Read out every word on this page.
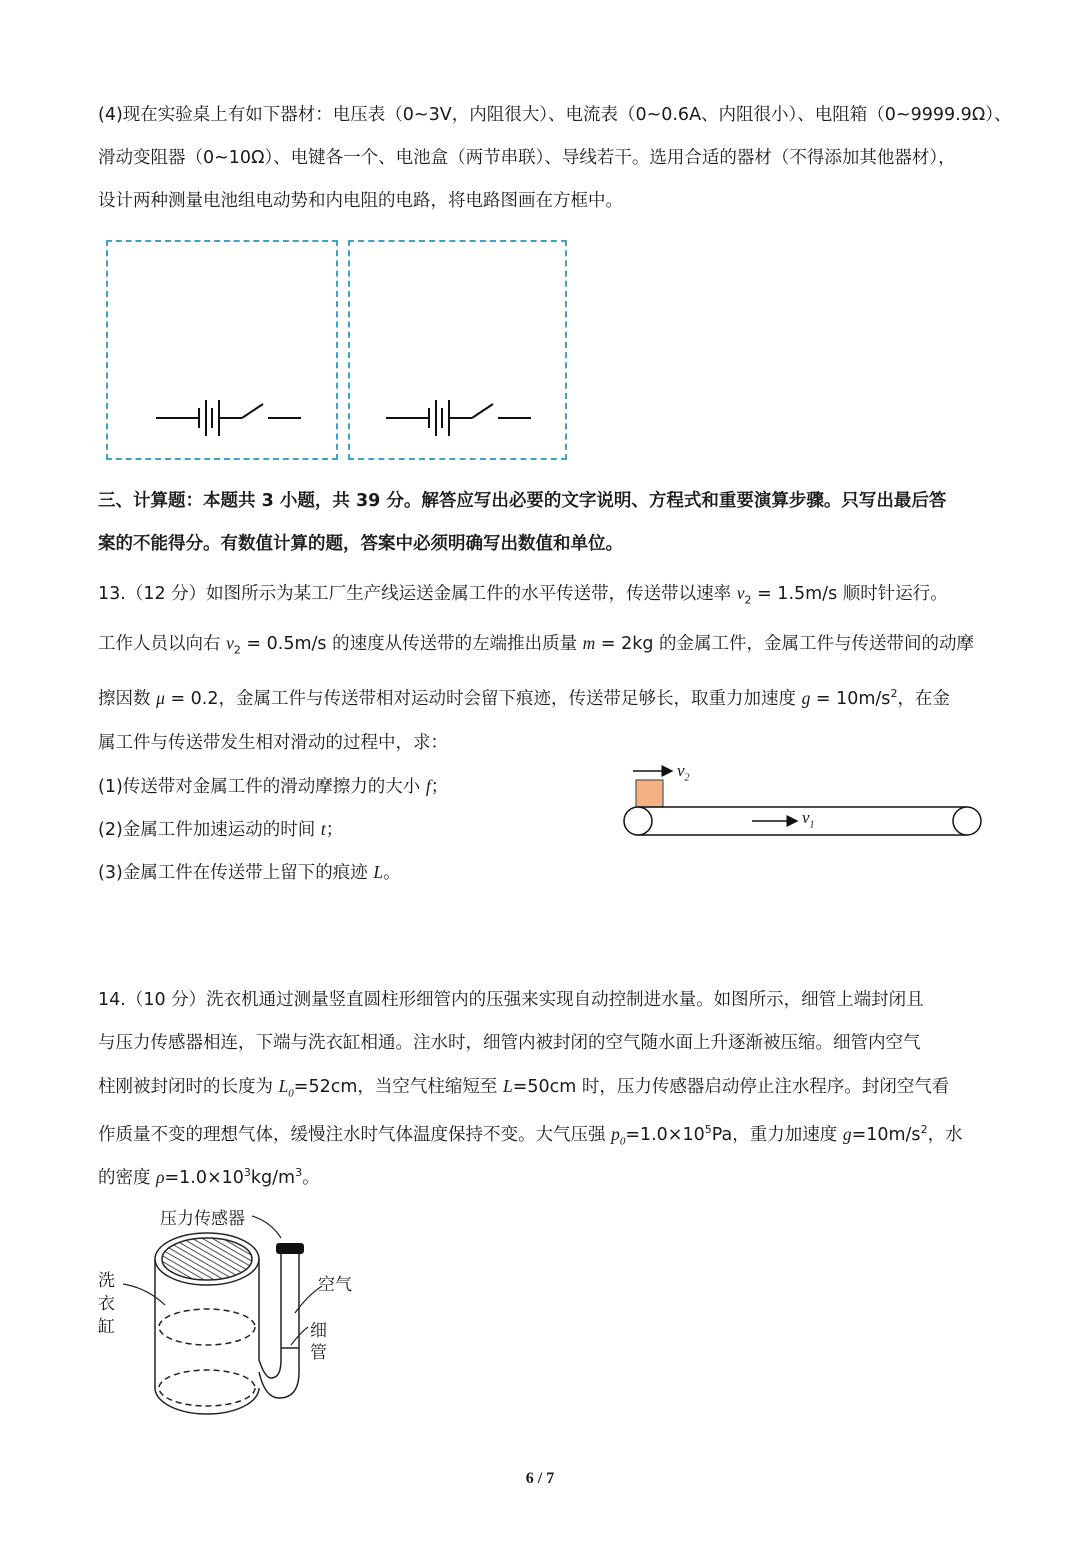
(4)现在实验桌上有如下器材：电压表（0~3V，内阻很大）、电流表（0~0.6A、内阻很小）、电阻箱（0~9999.9Ω）、

滑动变阻器（0~10Ω）、电键各一个、电池盒（两节串联）、导线若干。选用合适的器材（不得添加其他器材），

设计两种测量电池组电动势和内电阻的电路，将电路图画在方框中。

三、计算题：本题共 3 小题，共 39 分。解答应写出必要的文字说明、方程式和重要演算步骤。只写出最后答

案的不能得分。有数值计算的题，答案中必须明确写出数值和单位。

13.（12 分）如图所示为某工厂生产线运送金属工件的水平传送带，传送带以速率 $v_2 = 1.5m/s$ 顺时针运行。

工作人员以向右 $v_2 = 0.5m/s$ 的速度从传送带的左端推出质量 m = 2kg 的金属工件，金属工件与传送带间的动摩

擦因数 μ = 0.2，金属工件与传送带相对运动时会留下痕迹，传送带足够长，取重力加速度 $g = 10m/s^2$，在金

属工件与传送带发生相对滑动的过程中，求：

(1)传送带对金属工件的滑动摩擦力的大小 f；

(2)金属工件加速运动的时间 t；

(3)金属工件在传送带上留下的痕迹 L。

$v_2$
$v_1$

14.（10 分）洗衣机通过测量竖直圆柱形细管内的压强来实现自动控制进水量。如图所示，细管上端封闭且

与压力传感器相连，下端与洗衣缸相通。注水时，细管内被封闭的空气随水面上升逐渐被压缩。细管内空气

柱刚被封闭时的长度为 $L_0=52cm$，当空气柱缩短至 L=50cm 时，压力传感器启动停止注水程序。封闭空气看

作质量不变的理想气体，缓慢注水时气体温度保持不变。大气压强 $p_0=1.0\times 10^5Pa$，重力加速度 $g=10m/s^2$，水

的密度 $\rho=1.0\times 10^3kg/m^3$。

压力传感器
空气
细
管
洗
衣
缸
6 / 7
